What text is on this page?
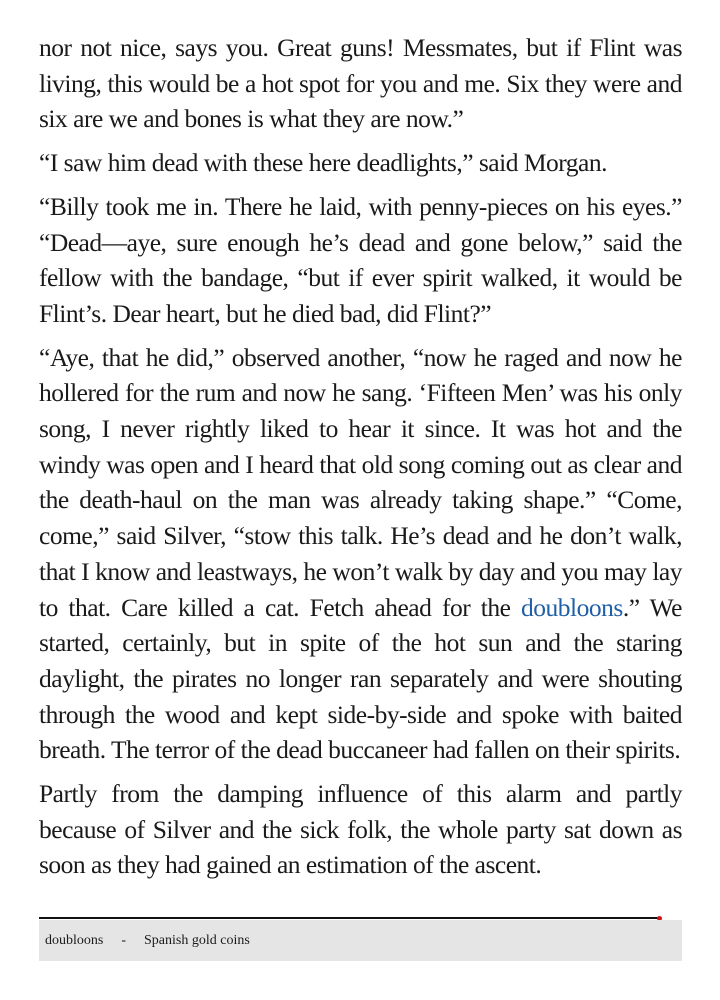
nor not nice, says you. Great guns! Messmates, but if Flint was living, this would be a hot spot for you and me. Six they were and six are we and bones is what they are now.”

“I saw him dead with these here deadlights,” said Morgan.

“Billy took me in. There he laid, with penny-pieces on his eyes.” “Dead—aye, sure enough he’s dead and gone below,” said the fellow with the bandage, “but if ever spirit walked, it would be Flint’s. Dear heart, but he died bad, did Flint?”

“Aye, that he did,” observed another, “now he raged and now he hollered for the rum and now he sang. ‘Fifteen Men’ was his only song, I never rightly liked to hear it since. It was hot and the windy was open and I heard that old song coming out as clear and the death-haul on the man was already taking shape.” “Come, come,” said Silver, “stow this talk. He’s dead and he don’t walk, that I know and leastways, he won’t walk by day and you may lay to that. Care killed a cat. Fetch ahead for the doubloons.” We started, certainly, but in spite of the hot sun and the staring daylight, the pirates no longer ran separately and were shouting through the wood and kept side-by-side and spoke with baited breath. The terror of the dead buccaneer had fallen on their spirits.

Partly from the damping influence of this alarm and partly because of Silver and the sick folk, the whole party sat down as soon as they had gained an estimation of the ascent.

doubloons - Spanish gold coins
